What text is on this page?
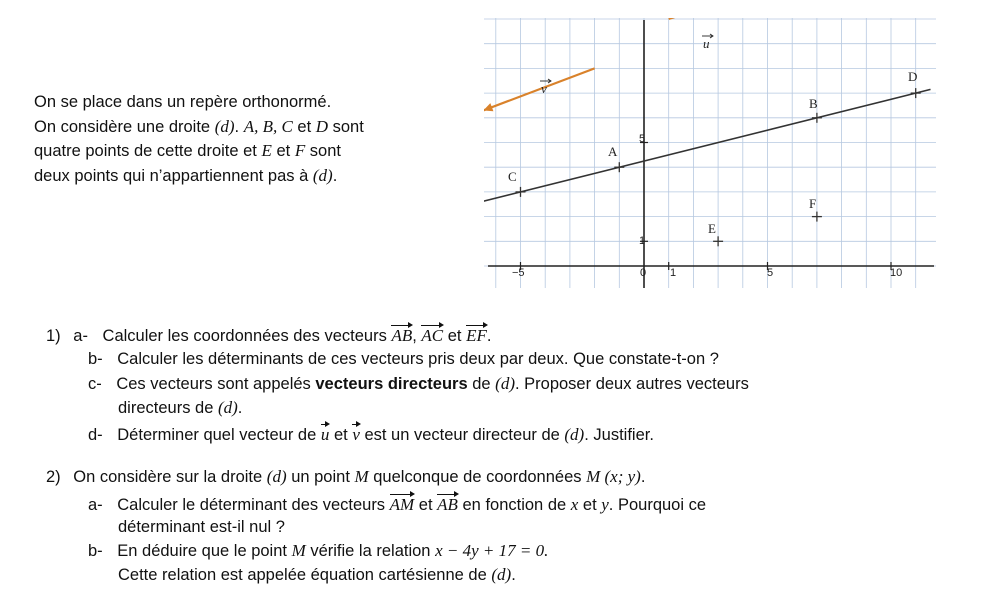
On se place dans un repère orthonormé.
On considère une droite (d). A, B, C et D sont
quatre points de cette droite et E et F sont
deux points qui n’appartiennent pas à (d).
−5	0 1	5	10
1
5
A
B
C
D
E
F
u
v
1) a- Calculer les coordonnées des vecteurs AB, AC et EF.
b- Calculer les déterminants de ces vecteurs pris deux par deux. Que constate-t-on ?
c- Ces vecteurs sont appelés vecteurs directeurs de (d). Proposer deux autres vecteurs
directeurs de (d).
d- Déterminer quel vecteur de u et v est un vecteur directeur de (d). Justifier.
2) On considère sur la droite (d) un point M quelconque de coordonnées M (x; y).
a- Calculer le déterminant des vecteurs AM et AB en fonction de x et y. Pourquoi ce
déterminant est-il nul ?
b- En déduire que le point M vérifie la relation x − 4y + 17 = 0.
Cette relation est appelée équation cartésienne de (d).
